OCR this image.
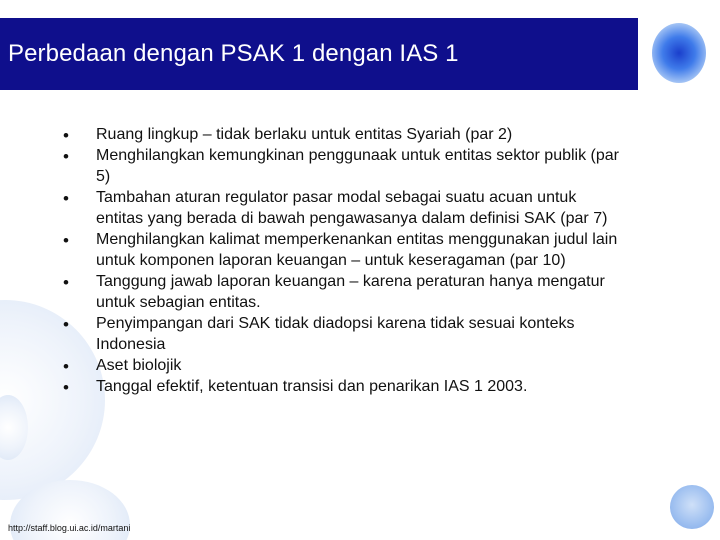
Perbedaan dengan PSAK 1 dengan IAS 1
• Ruang lingkup – tidak berlaku untuk entitas Syariah (par 2)
• Menghilangkan kemungkinan penggunaak untuk entitas sektor publik (par 5)
• Tambahan aturan regulator pasar modal sebagai suatu acuan untuk entitas yang berada di bawah pengawasanya dalam definisi SAK (par 7)
• Menghilangkan kalimat memperkenankan entitas menggunakan judul lain untuk komponen laporan keuangan – untuk keseragaman (par 10)
• Tanggung jawab laporan keuangan – karena peraturan hanya mengatur untuk sebagian entitas.
• Penyimpangan dari SAK tidak diadopsi karena tidak sesuai konteks Indonesia
• Aset biolojik
• Tanggal efektif, ketentuan transisi dan penarikan IAS 1 2003.
http://staff.blog.ui.ac.id/martani
